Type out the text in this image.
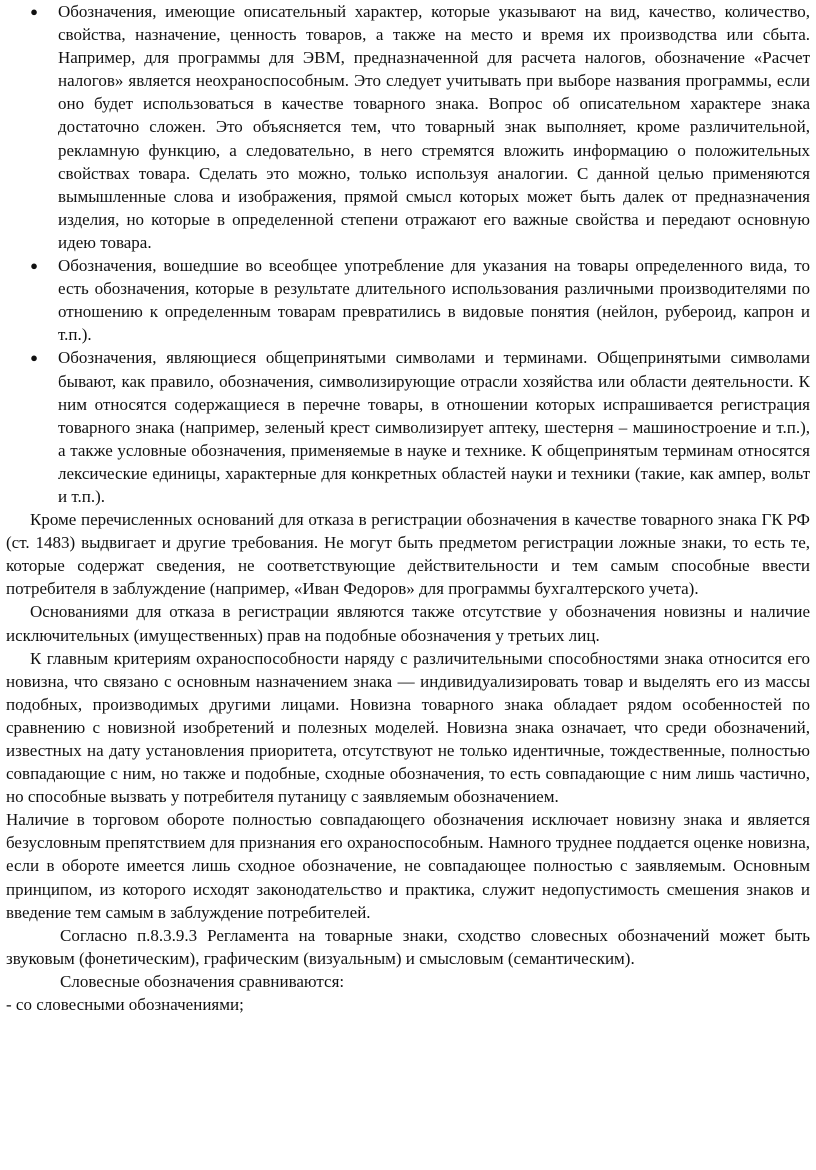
● Обозначения, имеющие описательный характер, которые указывают на вид, качество, количество, свойства, назначение, ценность товаров, а также на место и время их производства или сбыта. Например, для программы для ЭВМ, предназначенной для расчета налогов, обозначение «Расчет налогов» является неохраноспособным. Это следует учитывать при выборе названия программы, если оно будет использоваться в качестве товарного знака. Вопрос об описательном характере знака достаточно сложен. Это объясняется тем, что товарный знак выполняет, кроме различительной, рекламную функцию, а следовательно, в него стремятся вложить информацию о положительных свойствах товара. Сделать это можно, только используя аналогии. С данной целью применяются вымышленные слова и изображения, прямой смысл которых может быть далек от предназначения изделия, но которые в определенной степени отражают его важные свойства и передают основную идею товара.
● Обозначения, вошедшие во всеобщее употребление для указания на товары определенного вида, то есть обозначения, которые в результате длительного использования различными производителями по отношению к определенным товарам превратились в видовые понятия (нейлон, рубероид, капрон и т.п.).
● Обозначения, являющиеся общепринятыми символами и терминами. Общепринятыми символами бывают, как правило, обозначения, символизирующие отрасли хозяйства или области деятельности. К ним относятся содержащиеся в перечне товары, в отношении которых испрашивается регистрация товарного знака (например, зеленый крест символизирует аптеку, шестерня – машиностроение и т.п.), а также условные обозначения, применяемые в науке и технике. К общепринятым терминам относятся лексические единицы, характерные для конкретных областей науки и техники (такие, как ампер, вольт и т.п.).

Кроме перечисленных оснований для отказа в регистрации обозначения в качестве товарного знака ГК РФ (ст. 1483) выдвигает и другие требования. Не могут быть предметом регистрации ложные знаки, то есть те, которые содержат сведения, не соответствующие действительности и тем самым способные ввести потребителя в заблуждение (например, «Иван Федоров» для программы бухгалтерского учета).

Основаниями для отказа в регистрации являются также отсутствие у обозначения новизны и наличие исключительных (имущественных) прав на подобные обозначения у третьих лиц.

К главным критериям охраноспособности наряду с различительными способностями знака относится его новизна, что связано с основным назначением знака — индивидуализировать товар и выделять его из массы подобных, производимых другими лицами. Новизна товарного знака обладает рядом особенностей по сравнению с новизной изобретений и полезных моделей. Новизна знака означает, что среди обозначений, известных на дату установления приоритета, отсутствуют не только идентичные, тождественные, полностью совпадающие с ним, но также и подобные, сходные обозначения, то есть совпадающие с ним лишь частично, но способные вызвать у потребителя путаницу с заявляемым обозначением.

Наличие в торговом обороте полностью совпадающего обозначения исключает новизну знака и является безусловным препятствием для признания его охраноспособным. Намного труднее поддается оценке новизна, если в обороте имеется лишь сходное обозначение, не совпадающее полностью с заявляемым. Основным принципом, из которого исходят законодательство и практика, служит недопустимость смешения знаков и введение тем самым в заблуждение потребителей.

Согласно п.8.3.9.3 Регламента на товарные знаки, сходство словесных обозначений может быть звуковым (фонетическим), графическим (визуальным) и смысловым (семантическим).

Словесные обозначения сравниваются:

- со словесными обозначениями;
